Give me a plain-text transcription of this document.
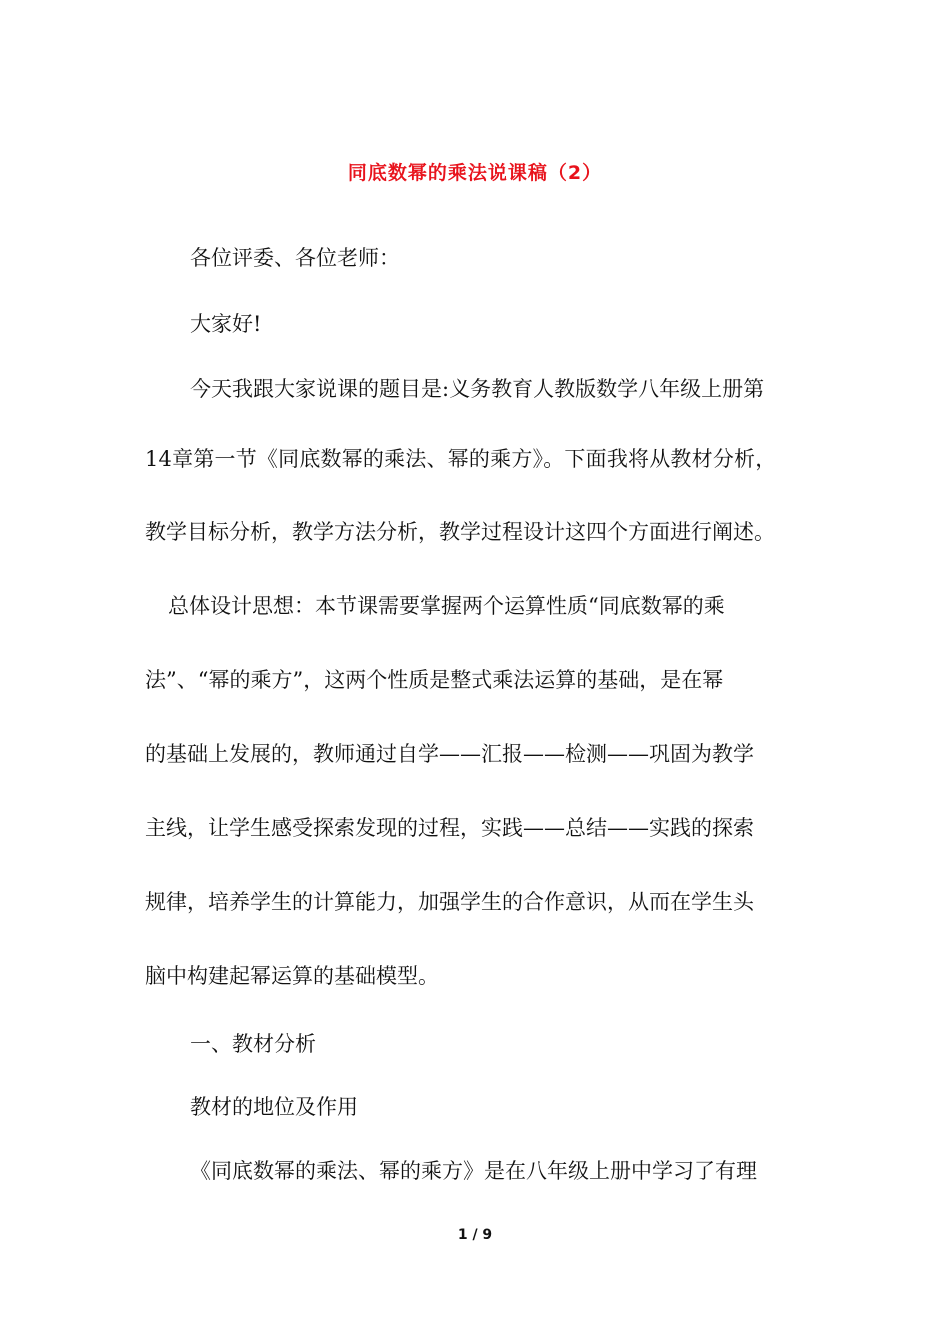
同底数幂的乘法说课稿（2）
各位评委、各位老师：
大家好!
今天我跟大家说课的题目是:义务教育人教版数学八年级上册第
14章第一节《同底数幂的乘法、幂的乘方》。下面我将从教材分析，
教学目标分析，教学方法分析，教学过程设计这四个方面进行阐述。
总体设计思想：本节课需要掌握两个运算性质“同底数幂的乘
法”、“幂的乘方”，这两个性质是整式乘法运算的基础，是在幂
的基础上发展的，教师通过自学——汇报——检测——巩固为教学
主线，让学生感受探索发现的过程，实践——总结——实践的探索
规律，培养学生的计算能力，加强学生的合作意识，从而在学生头
脑中构建起幂运算的基础模型。
一、教材分析
教材的地位及作用
《同底数幂的乘法、幂的乘方》是在八年级上册中学习了有理
1 / 9
